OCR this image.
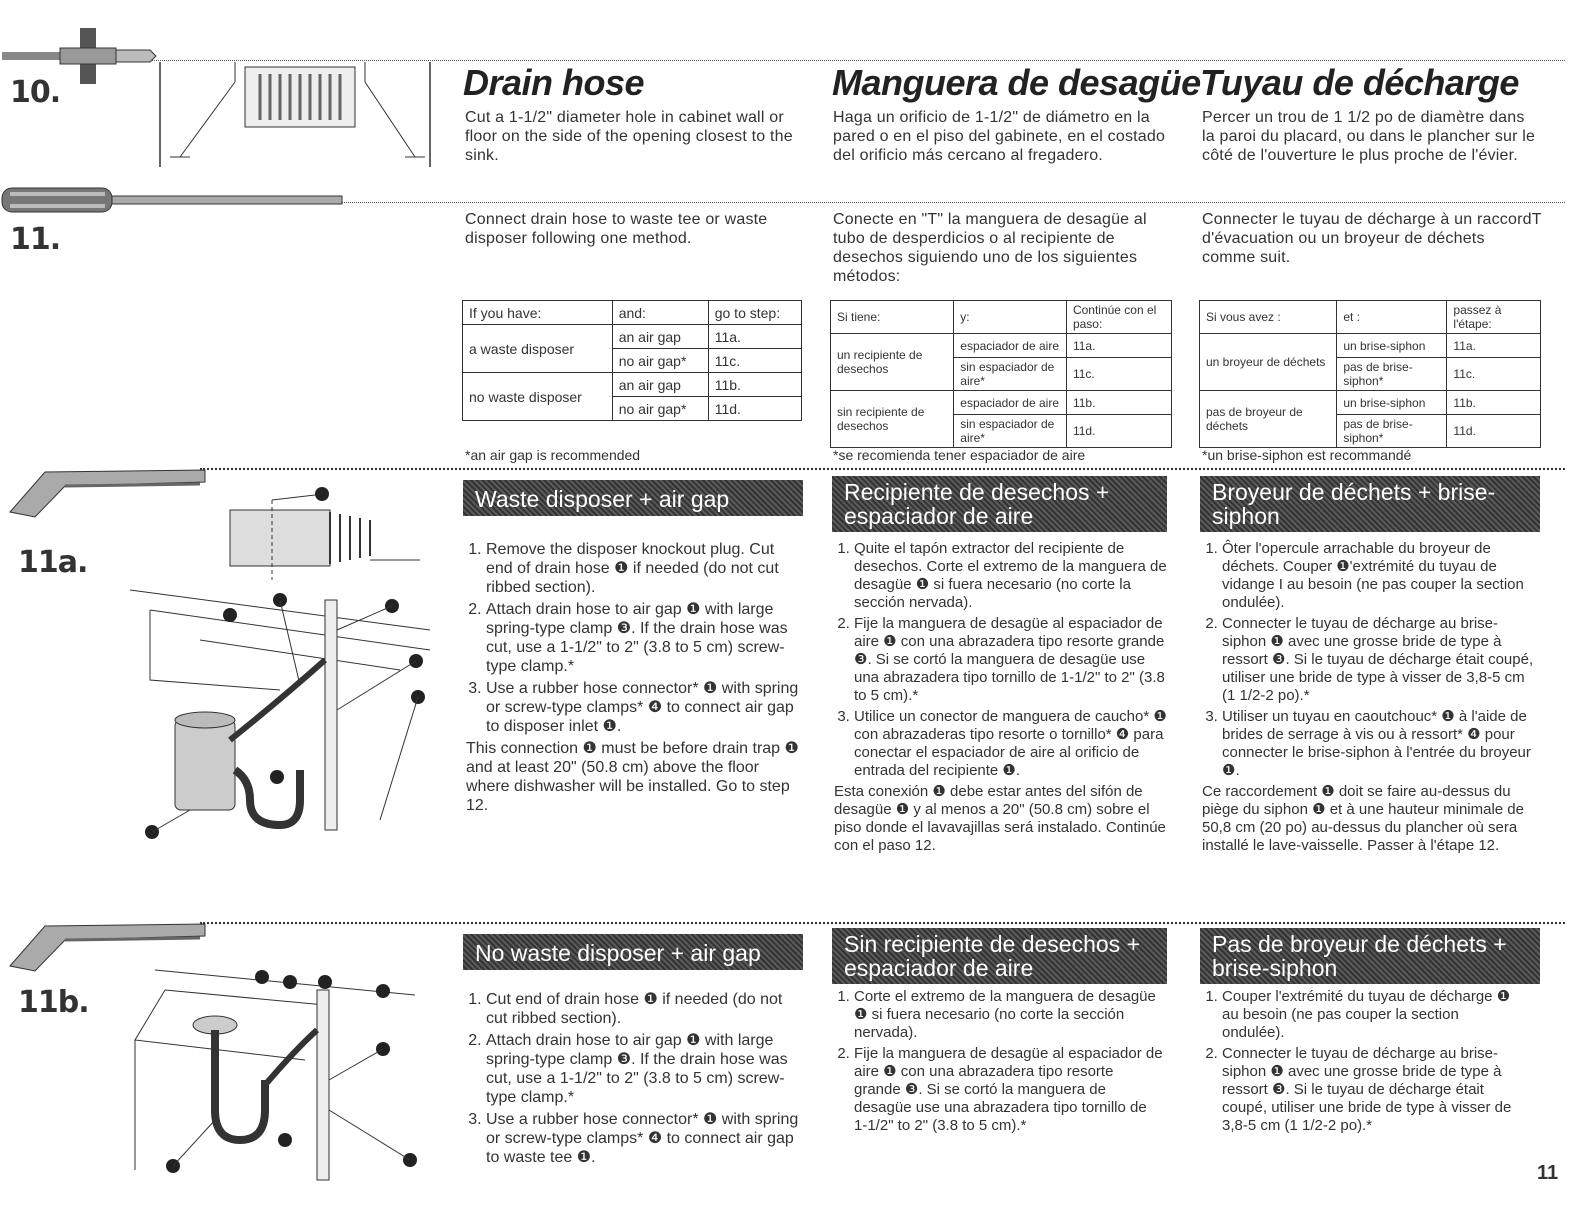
10.	Drain hose	Manguera de desagüe Tuyau de décharge
Cut a 1-1/2" diameter hole in cabinet wall or floor on the side of the opening closest to the sink.
Haga un orificio de 1-1/2" de diámetro en la pared o en el piso del gabinete, en el costado del orificio más cercano al fregadero.
Percer un trou de 1 1/2 po de diamètre dans la paroi du placard, ou dans le plancher sur le côté de l'ouverture le plus proche de l'évier.
11.
Connect drain hose to waste tee or waste disposer following one method.
Conecte en "T" la manguera de desagüe al tubo de desperdicios o al recipiente de desechos siguiendo uno de los siguientes métodos:
Connecter le tuyau de décharge à un raccordT d'évacuation ou un broyeur de déchets comme suit.
If you have:	and:	go to step:
a waste disposer	an air gap	11a.
	no air gap*	11c.
no waste disposer	an air gap	11b.
	no air gap*	11d.
*an air gap is recommended
Si tiene:	y:	Continúe con el paso:
un recipiente de desechos	espaciador de aire	11a.
	sin espaciador de aire*	11c.
sin recipiente de desechos	espaciador de aire	11b.
	sin espaciador de aire*	11d.
*se recomienda tener espaciador de aire
Si vous avez :	et :	passez à l'étape:
un broyeur de déchets	un brise-siphon	11a.
	pas de brise-siphon*	11c.
pas de broyeur de déchets	un brise-siphon	11b.
	pas de brise-siphon*	11d.
*un brise-siphon est recommandé
11a.
Waste disposer + air gap	Recipiente de desechos + espaciador de aire
Broyeur de déchets + brise-siphon
1. Remove the disposer knockout plug. Cut end of drain hose ❶ if needed (do not cut ribbed section).
2. Attach drain hose to air gap ❶ with large spring-type clamp ❸. If the drain hose was cut, use a 1-1/2" to 2" (3.8 to 5 cm) screw-type clamp.*
3. Use a rubber hose connector* ❶ with spring or screw-type clamps* ❹ to connect air gap to disposer inlet ❶.
This connection ❶ must be before drain trap ❶ and at least 20" (50.8 cm) above the floor where dishwasher will be installed. Go to step 12.
1. Quite el tapón extractor del recipiente de desechos. Corte el extremo de la manguera de desagüe ❶ si fuera necesario (no corte la sección nervada).
2. Fije la manguera de desagüe al espaciador de aire ❶ con una abrazadera tipo resorte grande ❸. Si se cortó la manguera de desagüe use una abrazadera tipo tornillo de 1-1/2" to 2" (3.8 to 5 cm).*
3. Utilice un conector de manguera de caucho* ❶ con abrazaderas tipo resorte o tornillo* ❹ para conectar el espaciador de aire al orificio de entrada del recipiente ❶.
Esta conexión ❶ debe estar antes del sifón de desagüe ❶ y al menos a 20" (50.8 cm) sobre el piso donde el lavavajillas será instalado. Continúe con el paso 12.
1. Ôter l'opercule arrachable du broyeur de déchets. Couper ❶'extrémité du tuyau de vidange I au besoin (ne pas couper la section ondulée).
2. Connecter le tuyau de décharge au brise-siphon ❶ avec une grosse bride de type à ressort ❸. Si le tuyau de décharge était coupé, utiliser une bride de type à visser de 3,8-5 cm (1 1/2-2 po).*
3. Utiliser un tuyau en caoutchouc* ❶ à l'aide de brides de serrage à vis ou à ressort* ❹ pour connecter le brise-siphon à l'entrée du broyeur ❶.
Ce raccordement ❶ doit se faire au-dessus du piège du siphon ❶ et à une hauteur minimale de 50,8 cm (20 po) au-dessus du plancher où sera installé le lave-vaisselle. Passer à l'étape 12.
11b.
No waste disposer + air gap	Sin recipiente de desechos + espaciador de aire
Pas de broyeur de déchets + brise-siphon
1. Cut end of drain hose ❶ if needed (do not cut ribbed section).
2. Attach drain hose to air gap ❶ with large spring-type clamp ❸. If the drain hose was cut, use a 1-1/2" to 2" (3.8 to 5 cm) screw-type clamp.*
3. Use a rubber hose connector* ❶ with spring or screw-type clamps* ❹ to connect air gap to waste tee ❶.
1. Corte el extremo de la manguera de desagüe ❶ si fuera necesario (no corte la sección nervada).
2. Fije la manguera de desagüe al espaciador de aire ❶ con una abrazadera tipo resorte grande ❸. Si se cortó la manguera de desagüe use una abrazadera tipo tornillo de 1-1/2" to 2" (3.8 to 5 cm).*
1. Couper l'extrémité du tuyau de décharge ❶ au besoin (ne pas couper la section ondulée).
2. Connecter le tuyau de décharge au brise-siphon ❶ avec une grosse bride de type à ressort ❸. Si le tuyau de décharge était coupé, utiliser une bride de type à visser de 3,8-5 cm (1 1/2-2 po).*
11
